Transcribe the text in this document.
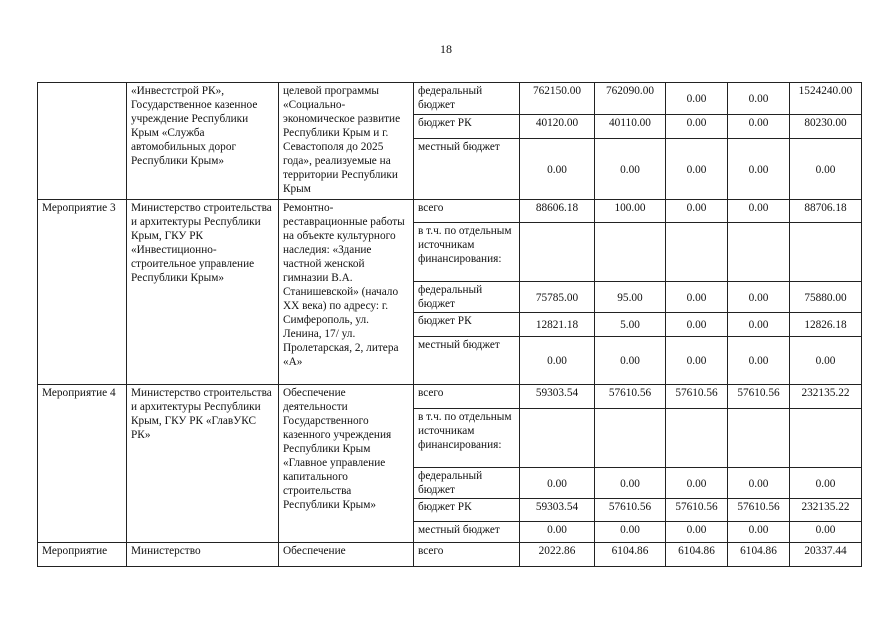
18
	«Инвестстрой РК», Государственное казенное учреждение Республики Крым «Служба автомобильных дорог Республики Крым»	целевой программы «Социально-экономическое развитие Республики Крым и г. Севастополя до 2025 года», реализуемые на территории Республики Крым	федеральный бюджет	762150.00	762090.00	0.00	0.00	1524240.00
			бюджет РК	40120.00	40110.00	0.00	0.00	80230.00
			местный бюджет	0.00	0.00	0.00	0.00	0.00
Мероприятие 3	Министерство строительства и архитектуры Республики Крым, ГКУ РК «Инвестиционно-строительное управление Республики Крым»	Ремонтно-реставрационные работы на объекте культурного наследия: «Здание частной женской гимназии В.А. Станишевской» (начало XX века) по адресу: г. Симферополь, ул. Ленина, 17/ ул. Пролетарская, 2, литера «А»	всего	88606.18	100.00	0.00	0.00	88706.18
			в т.ч. по отдельным источникам финансирования:					
			федеральный бюджет	75785.00	95.00	0.00	0.00	75880.00
			бюджет РК	12821.18	5.00	0.00	0.00	12826.18
			местный бюджет	0.00	0.00	0.00	0.00	0.00
Мероприятие 4	Министерство строительства и архитектуры Республики Крым, ГКУ РК «ГлавУКС РК»	Обеспечение деятельности Государственного казенного учреждения Республики Крым «Главное управление капитального строительства Республики Крым»	всего	59303.54	57610.56	57610.56	57610.56	232135.22
			в т.ч. по отдельным источникам финансирования:					
			федеральный бюджет	0.00	0.00	0.00	0.00	0.00
			бюджет РК	59303.54	57610.56	57610.56	57610.56	232135.22
			местный бюджет	0.00	0.00	0.00	0.00	0.00
Мероприятие	Министерство	Обеспечение	всего	2022.86	6104.86	6104.86	6104.86	20337.44
